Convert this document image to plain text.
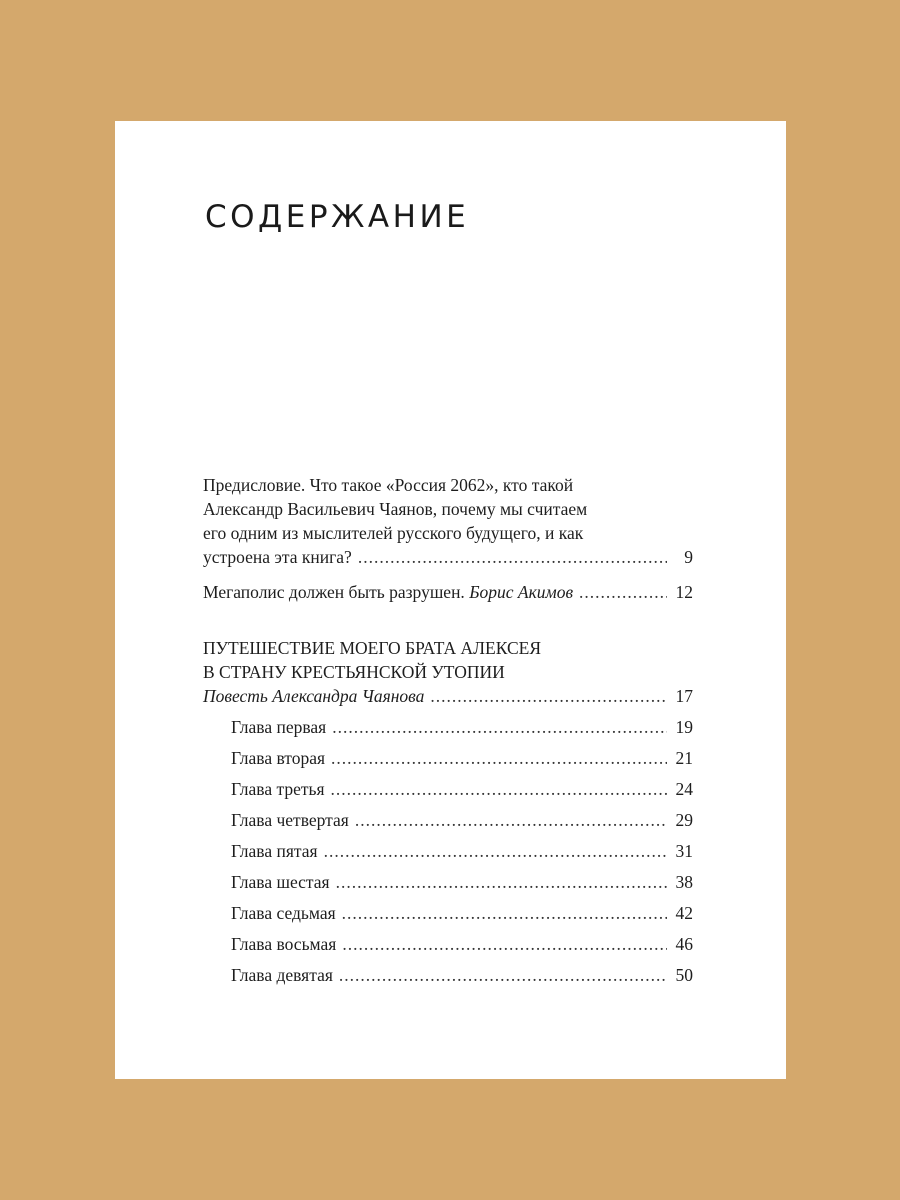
СОДЕРЖАНИЕ
Предисловие. Что такое «Россия 2062», кто такой
Александр Васильевич Чаянов, почему мы считаем
его одним из мыслителей русского будущего, и как
устроена эта книга? .....	9
Мегаполис должен быть разрушен. Борис Акимов .....	12
ПУТЕШЕСТВИЕ МОЕГО БРАТА АЛЕКСЕЯ
В СТРАНУ КРЕСТЬЯНСКОЙ УТОПИИ
Повесть Александра Чаянова .....	17
Глава первая .....	19
Глава вторая .....	21
Глава третья .....	24
Глава четвертая .....	29
Глава пятая .....	31
Глава шестая .....	38
Глава седьмая .....	42
Глава восьмая .....	46
Глава девятая .....	50
